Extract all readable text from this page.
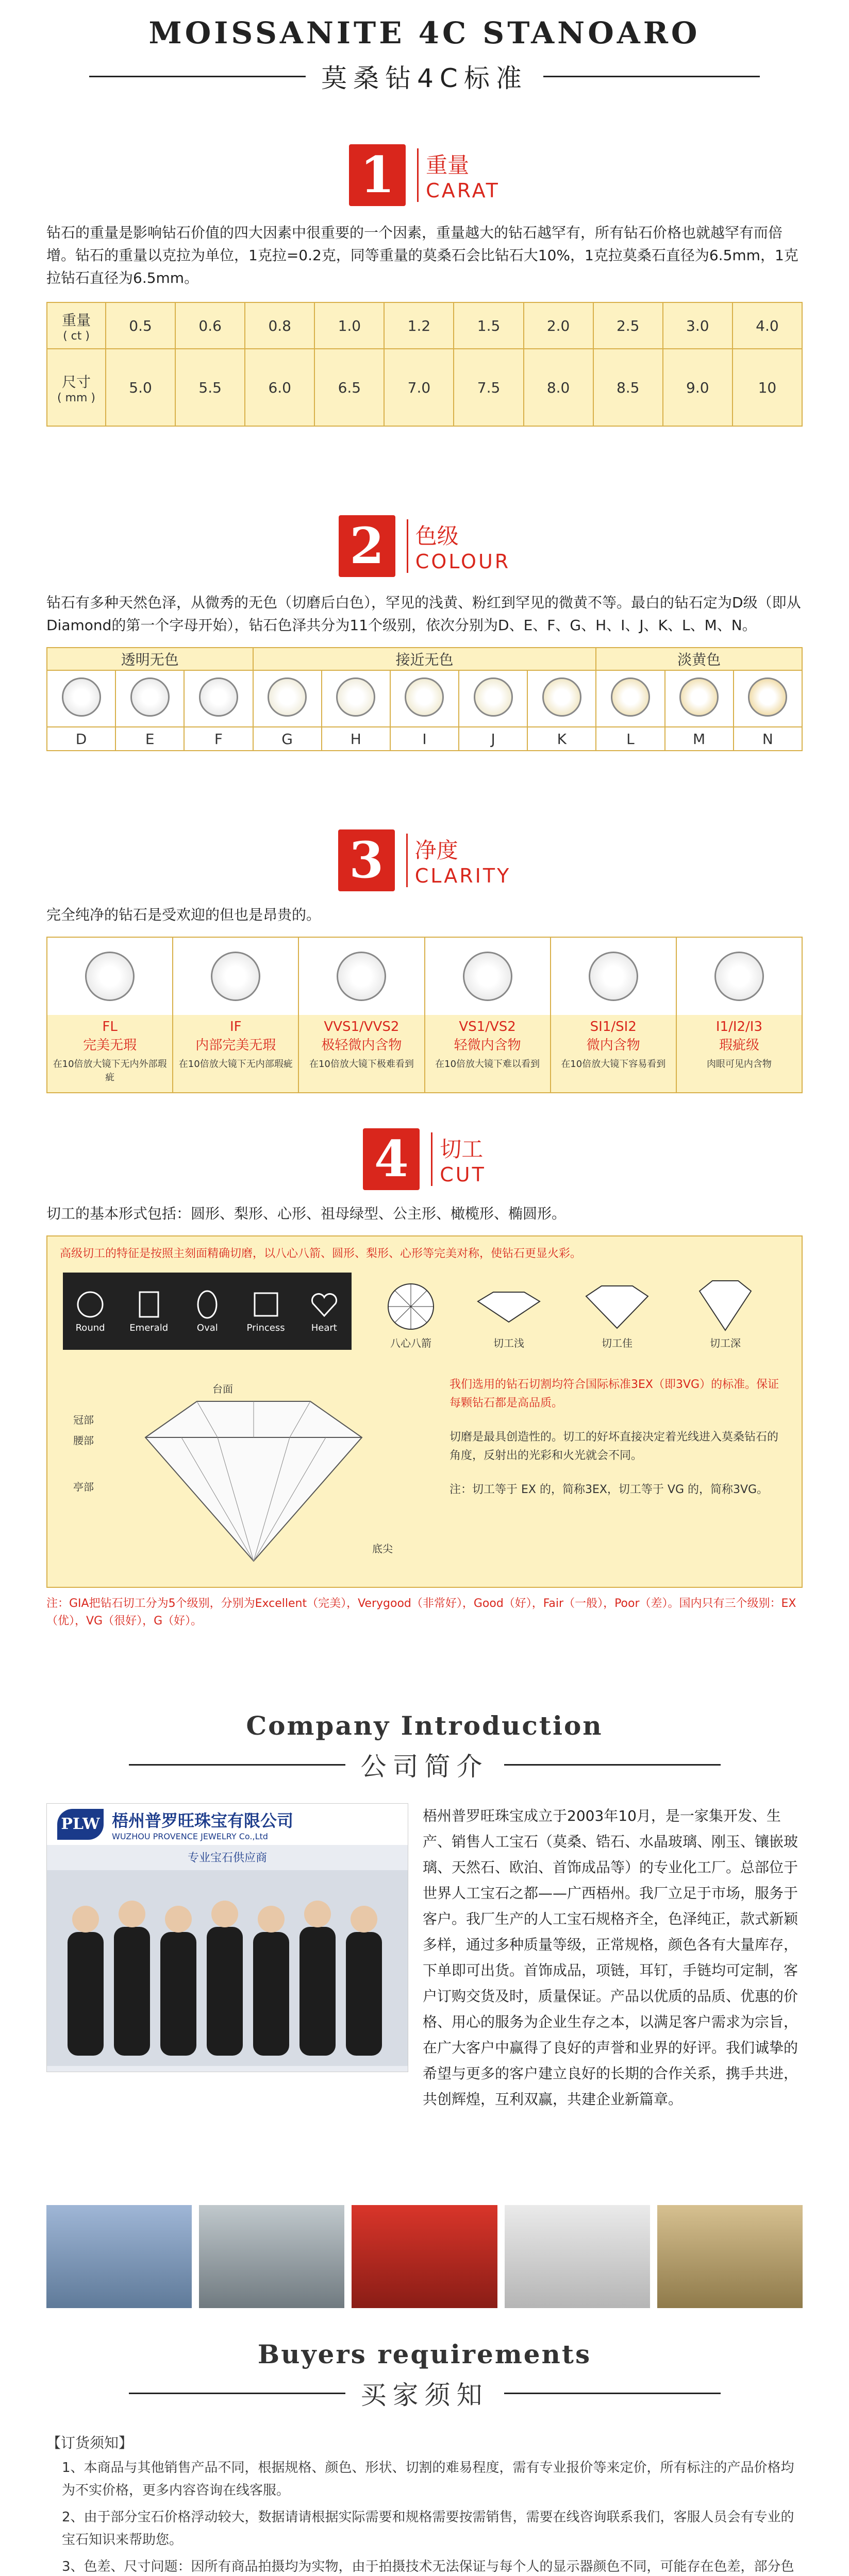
MOISSANITE 4C STANOARO
莫桑钻4C标准
1	重量
CARAT
钻石的重量是影响钻石价值的四大因素中很重要的一个因素，重量越大的钻石越罕有，所有钻石价格也就越罕有而倍增。钻石的重量以克拉为单位，1克拉=0.2克，同等重量的莫桑石会比钻石大10%，1克拉莫桑石直径为6.5mm，1克拉钻石直径为6.5mm。
重量
( ct )	0.5	0.6	0.8	1.0	1.2	1.5	2.0	2.5	3.0	4.0

尺寸
( mm )	5.0	5.5	6.0	6.5	7.0	7.5	8.0	8.5	9.0	10
2	色级
COLOUR
钻石有多种天然色泽，从微秀的无色（切磨后白色），罕见的浅黄、粉红到罕见的微黄不等。最白的钻石定为D级（即从Diamond的第一个字母开始），钻石色泽共分为11个级别，依次分别为D、E、F、G、H、I、J、K、L、M、N。
透明无色			接近无色					淡黄色		

D	E	F	G	H	I	J	K	L	M	N
3	净度
CLARITY
完全纯净的钻石是受欢迎的但也是昂贵的。
FL
完美无瑕
在10倍放大镜下无内外部瑕疵
IF
内部完美无瑕
在10倍放大镜下无内部瑕疵
VVS1/VVS2
极轻微内含物
在10倍放大镜下极难看到
VS1/VS2
轻微内含物
在10倍放大镜下难以看到
SI1/SI2
微内含物
在10倍放大镜下容易看到
I1/I2/I3
瑕疵级
肉眼可见内含物
4	切工
CUT
切工的基本形式包括：圆形、梨形、心形、祖母绿型、公主形、橄榄形、椭圆形。
高级切工的特征是按照主刻面精确切磨，以八心八箭、圆形、梨形、心形等完美对称，使钻石更显火彩。
Round	Emerald	Oval	Princess	Heart
八心八箭	切工浅	切工佳	切工深
台面
冠部
腰部
亭部
底尖
我们选用的钻石切割均符合国际标准3EX（即3VG）的标准。保证每颗钻石都是高品质。
切磨是最具创造性的。切工的好坏直接决定着光线进入莫桑钻石的角度，反射出的光彩和火光就会不同。
注：切工等于 EX 的，简称3EX，切工等于 VG 的，简称3VG。
注：GIA把钻石切工分为5个级别，分别为Excellent（完美），Verygood（非常好），Good（好），Fair（一般），Poor（差）。国内只有三个级别：EX（优），VG（很好），G（好）。
Company Introduction
公司简介
PLW 梧州普罗旺珠宝有限公司
WUZHOU PROVENCE JEWELRY Co.,Ltd
专业宝石供应商
梧州普罗旺珠宝成立于2003年10月，是一家集开发、生产、销售人工宝石（莫桑、锆石、水晶玻璃、刚玉、镶嵌玻璃、天然石、欧泊、首饰成品等）的专业化工厂。总部位于世界人工宝石之都——广西梧州。我厂立足于市场，服务于客户。我厂生产的人工宝石规格齐全，色泽纯正，款式新颖多样，通过多种质量等级，正常规格，颜色各有大量库存，下单即可出货。首饰成品，项链，耳钉，手链均可定制，客户订购交货及时，质量保证。产品以优质的品质、优惠的价格、用心的服务为企业生存之本，以满足客户需求为宗旨，在广大客户中赢得了良好的声誉和业界的好评。我们诚挚的希望与更多的客户建立良好的长期的合作关系，携手共进，共创辉煌，互利双赢，共建企业新篇章。
Buyers requirements
买家须知
【订货须知】
1、本商品与其他销售产品不同，根据规格、颜色、形状、切割的难易程度，需有专业报价等来定价，所有标注的产品价格均为不实价格，更多内容咨询在线客服。
2、由于部分宝石价格浮动较大，数据请请根据实际需要和规格需要按需销售，需要在线咨询联系我们，客服人员会有专业的宝石知识来帮助您。
3、色差、尺寸问题：因所有商品拍摄均为实物，由于拍摄技术无法保证与每个人的显示器颜色不同，可能存在色差，部分色
